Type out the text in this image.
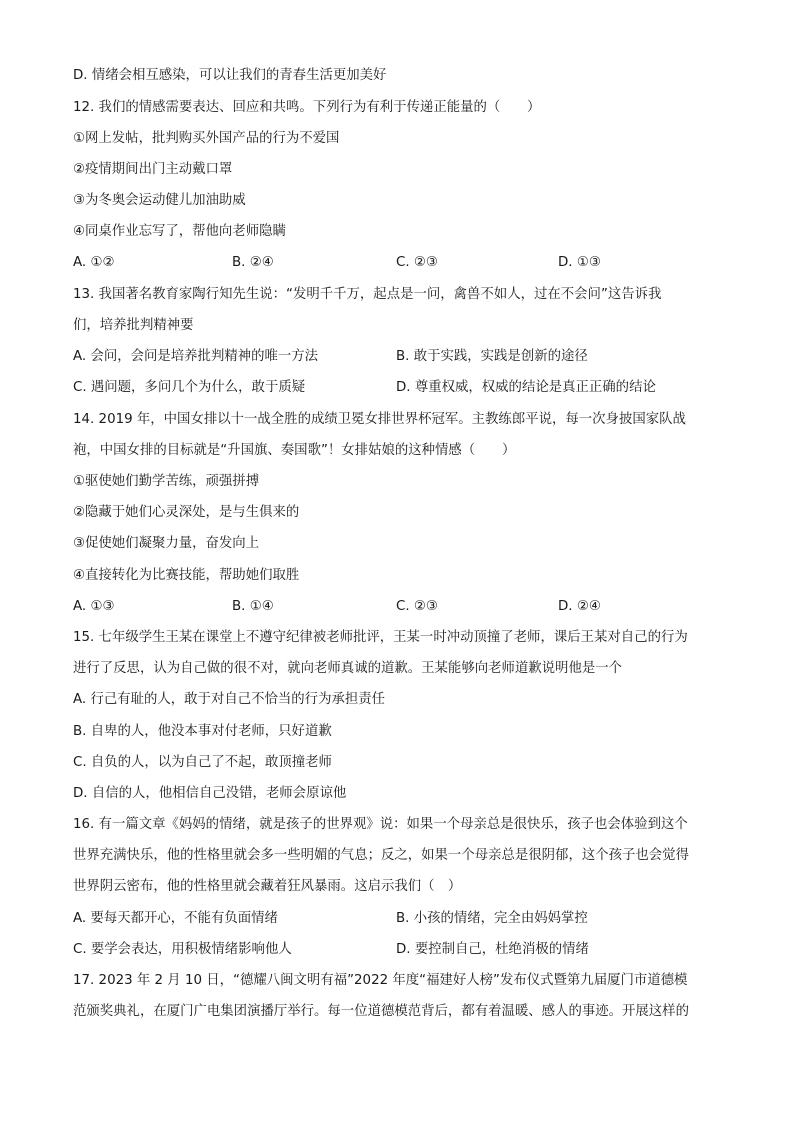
D. 情绪会相互感染，可以让我们的青春生活更加美好
12. 我们的情感需要表达、回应和共鸣。下列行为有利于传递正能量的（　　）
①网上发帖，批判购买外国产品的行为不爱国
②疫情期间出门主动戴口罩
③为冬奥会运动健儿加油助威
④同桌作业忘写了，帮他向老师隐瞒
A. ①②	B. ②④	C. ②③	D. ①③
13. 我国著名教育家陶行知先生说：“发明千千万，起点是一问，禽兽不如人，过在不会问”这告诉我
们，培养批判精神要
A. 会问，会问是培养批判精神的唯一方法	B. 敢于实践，实践是创新的途径
C. 遇问题，多问几个为什么，敢于质疑	D. 尊重权威，权威的结论是真正正确的结论
14. 2019 年，中国女排以十一战全胜的成绩卫冕女排世界杯冠军。主教练郎平说，每一次身披国家队战
袍，中国女排的目标就是“升国旗、奏国歌”！女排姑娘的这种情感（　　）
①驱使她们勤学苦练，顽强拼搏
②隐藏于她们心灵深处，是与生俱来的
③促使她们凝聚力量，奋发向上
④直接转化为比赛技能，帮助她们取胜
A. ①③	B. ①④	C. ②③	D. ②④
15. 七年级学生王某在课堂上不遵守纪律被老师批评，王某一时冲动顶撞了老师，课后王某对自己的行为
进行了反思，认为自己做的很不对，就向老师真诚的道歉。王某能够向老师道歉说明他是一个
A. 行己有耻的人，敢于对自己不恰当的行为承担责任
B. 自卑的人，他没本事对付老师，只好道歉
C. 自负的人，以为自己了不起，敢顶撞老师
D. 自信的人，他相信自己没错，老师会原谅他
16. 有一篇文章《妈妈的情绪，就是孩子的世界观》说：如果一个母亲总是很快乐，孩子也会体验到这个
世界充满快乐，他的性格里就会多一些明媚的气息；反之，如果一个母亲总是很阴郁，这个孩子也会觉得
世界阴云密布，他的性格里就会藏着狂风暴雨。这启示我们（　）
A. 要每天都开心，不能有负面情绪	B. 小孩的情绪，完全由妈妈掌控
C. 要学会表达，用积极情绪影响他人	D. 要控制自己，杜绝消极的情绪
17. 2023 年 2 月 10 日，“德耀八闽文明有福”2022 年度“福建好人榜”发布仪式暨第九届厦门市道德模
范颁奖典礼，在厦门广电集团演播厅举行。每一位道德模范背后，都有着温暖、感人的事迹。开展这样的
